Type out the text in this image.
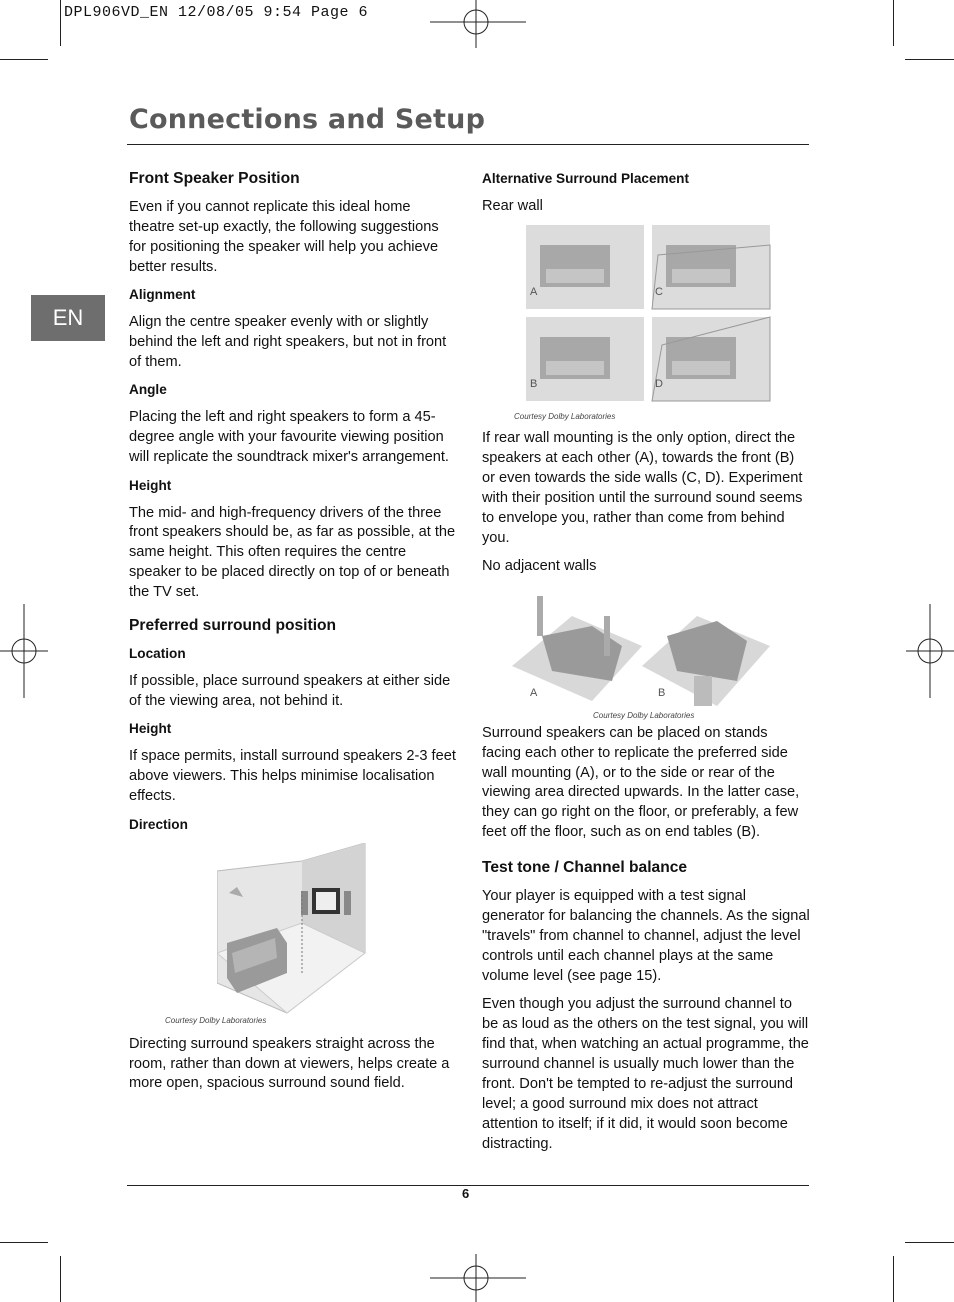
DPL906VD_EN 12/08/05 9:54 Page 6
Connections and Setup
EN
Front Speaker Position

Even if you cannot replicate this ideal home theatre set-up exactly, the following suggestions for positioning the speaker will help you achieve better results.

Alignment

Align the centre speaker evenly with or slightly behind the left and right speakers, but not in front of them.

Angle

Placing the left and right speakers to form a 45-degree angle with your favourite viewing position will replicate the soundtrack mixer's arrangement.

Height

The mid- and high-frequency drivers of the three front speakers should be, as far as possible, at the same height. This often requires the centre speaker to be placed directly on top of or beneath the TV set.

Preferred surround position
Location

If possible, place surround speakers at either side of the viewing area, not behind it.

Height

If space permits, install surround speakers 2-3 feet above viewers. This helps minimise localisation effects.

Direction
Courtesy Dolby Laboratories

Directing surround speakers straight across the room, rather than down at viewers, helps create a more open, spacious surround sound field.

Alternative Surround Placement

Rear wall

A	C
B	D
Courtesy Dolby Laboratories

If rear wall mounting is the only option, direct the speakers at each other (A), towards the front (B) or even towards the side walls (C, D). Experiment with their position until the surround sound seems to envelope you, rather than come from behind you.

No adjacent walls

A	B
Courtesy Dolby Laboratories

Surround speakers can be placed on stands facing each other to replicate the preferred side wall mounting (A), or to the side or rear of the viewing area directed upwards. In the latter case, they can go right on the floor, or preferably, a few feet off the floor, such as on end tables (B).

Test tone / Channel balance

Your player is equipped with a test signal generator for balancing the channels. As the signal "travels" from channel to channel, adjust the level controls until each channel plays at the same volume level (see page 15).

Even though you adjust the surround channel to be as loud as the others on the test signal, you will find that, when watching an actual programme, the surround channel is usually much lower than the front. Don't be tempted to re-adjust the surround level; a good surround mix does not attract attention to itself; if it did, it would soon become distracting.

6
